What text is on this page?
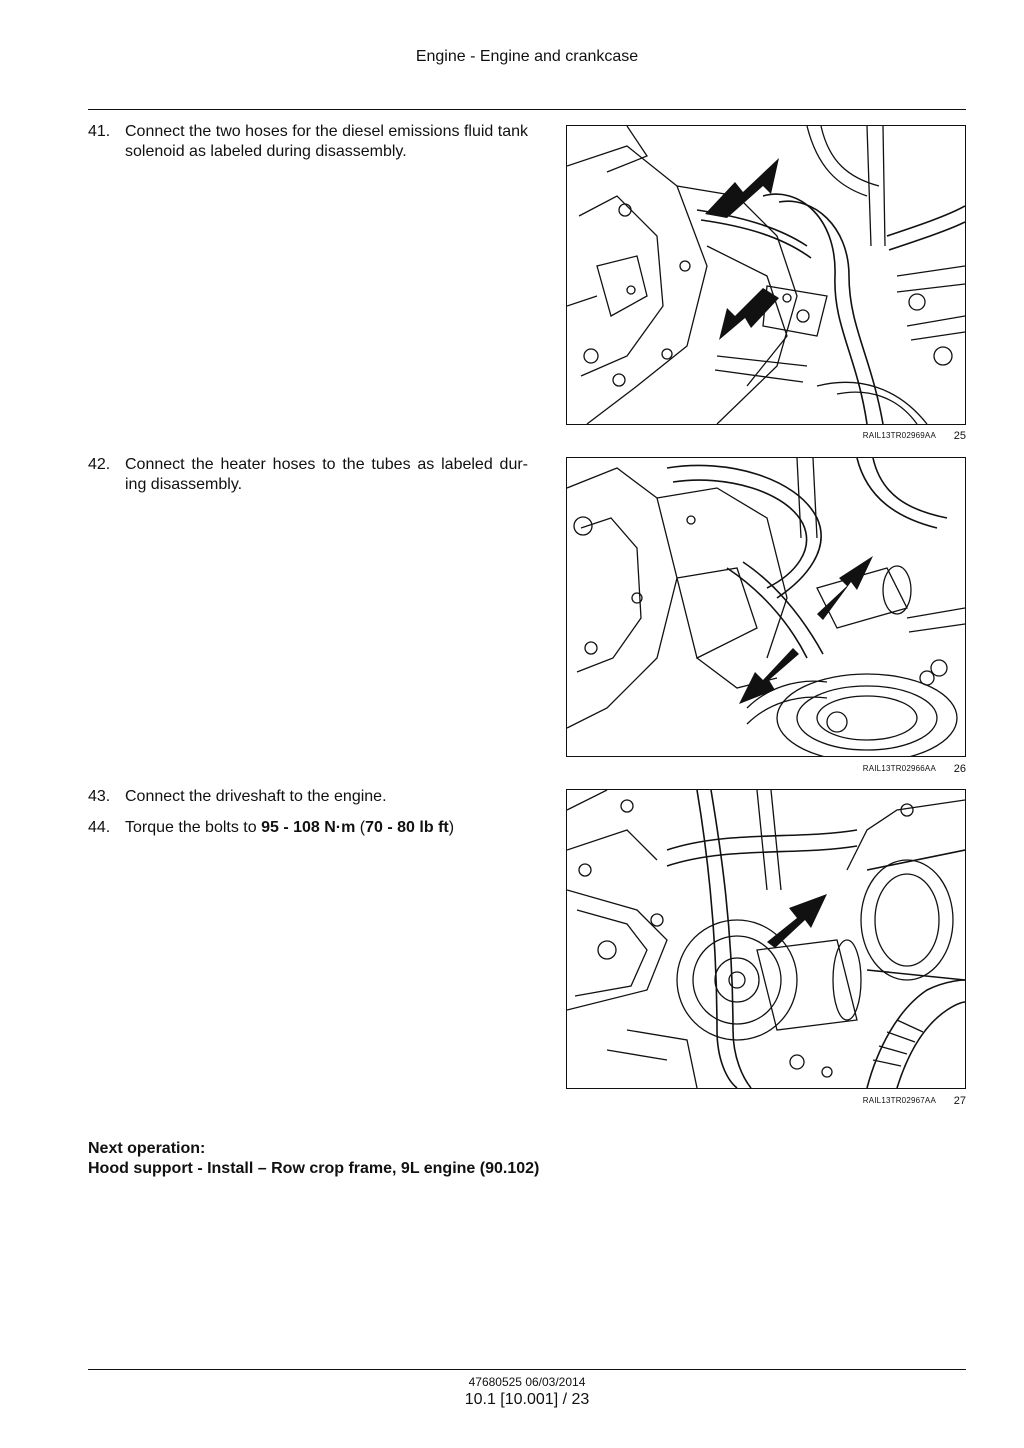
Engine - Engine and crankcase
41. Connect the two hoses for the diesel emissions fluid tank solenoid as labeled during disassembly.
RAIL13TR02969AA 25
42. Connect the heater hoses to the tubes as labeled dur- ing disassembly.
RAIL13TR02966AA 26
43. Connect the driveshaft to the engine.
44. Torque the bolts to 95 - 108 N·m (70 - 80 lb ft)
RAIL13TR02967AA 27
Next operation:
Hood support - Install – Row crop frame, 9L engine (90.102)
47680525 06/03/2014
10.1 [10.001] / 23
